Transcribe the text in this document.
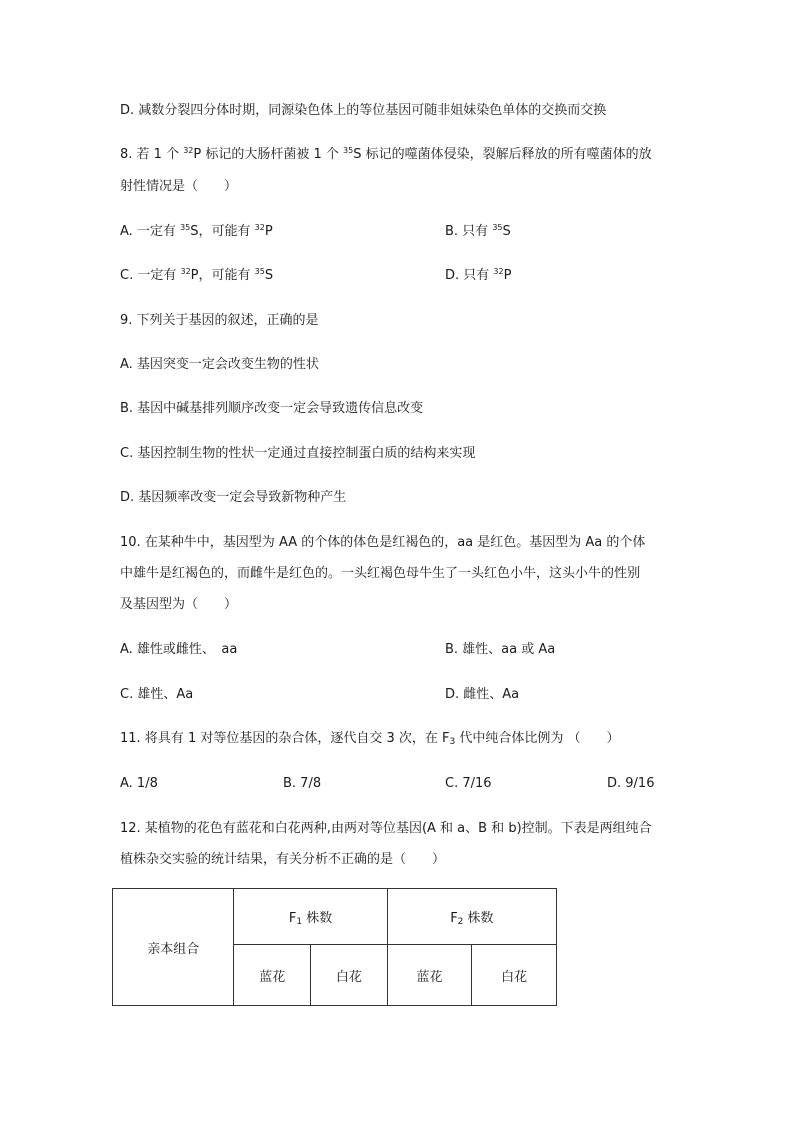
D. 减数分裂四分体时期，同源染色体上的等位基因可随非姐妹染色单体的交换而交换
8. 若 1 个 $^{32}$P 标记的大肠杆菌被 1 个 $^{35}$S 标记的噬菌体侵染，裂解后释放的所有噬菌体的放
射性情况是（　　）
A. 一定有 $^{35}$S，可能有 $^{32}$P	B. 只有 $^{35}$S
C. 一定有 $^{32}$P，可能有 $^{35}$S	D. 只有 $^{32}$P
9. 下列关于基因的叙述，正确的是
A. 基因突变一定会改变生物的性状
B. 基因中碱基排列顺序改变一定会导致遗传信息改变
C. 基因控制生物的性状一定通过直接控制蛋白质的结构来实现
D. 基因频率改变一定会导致新物种产生
10. 在某种牛中，基因型为 AA 的个体的体色是红褐色的，aa 是红色。基因型为 Aa 的个体
中雄牛是红褐色的，而雌牛是红色的。一头红褐色母牛生了一头红色小牛，这头小牛的性别
及基因型为（　　）
A. 雄性或雌性、　aa	B. 雄性、aa 或 Aa
C. 雄性、Aa	D. 雌性、Aa
11. 将具有 1 对等位基因的杂合体，逐代自交 3 次，在 $F_3$ 代中纯合体比例为 （　　）
A. 1/8	B. 7/8	C. 7/16	D. 9/16
12. 某植物的花色有蓝花和白花两种,由两对等位基因(A 和 a、B 和 b)控制。下表是两组纯合
植株杂交实验的统计结果，有关分析不正确的是（　　）
亲本组合	$F_1$ 株数		$F_2$ 株数	
	蓝花	白花	蓝花	白花
